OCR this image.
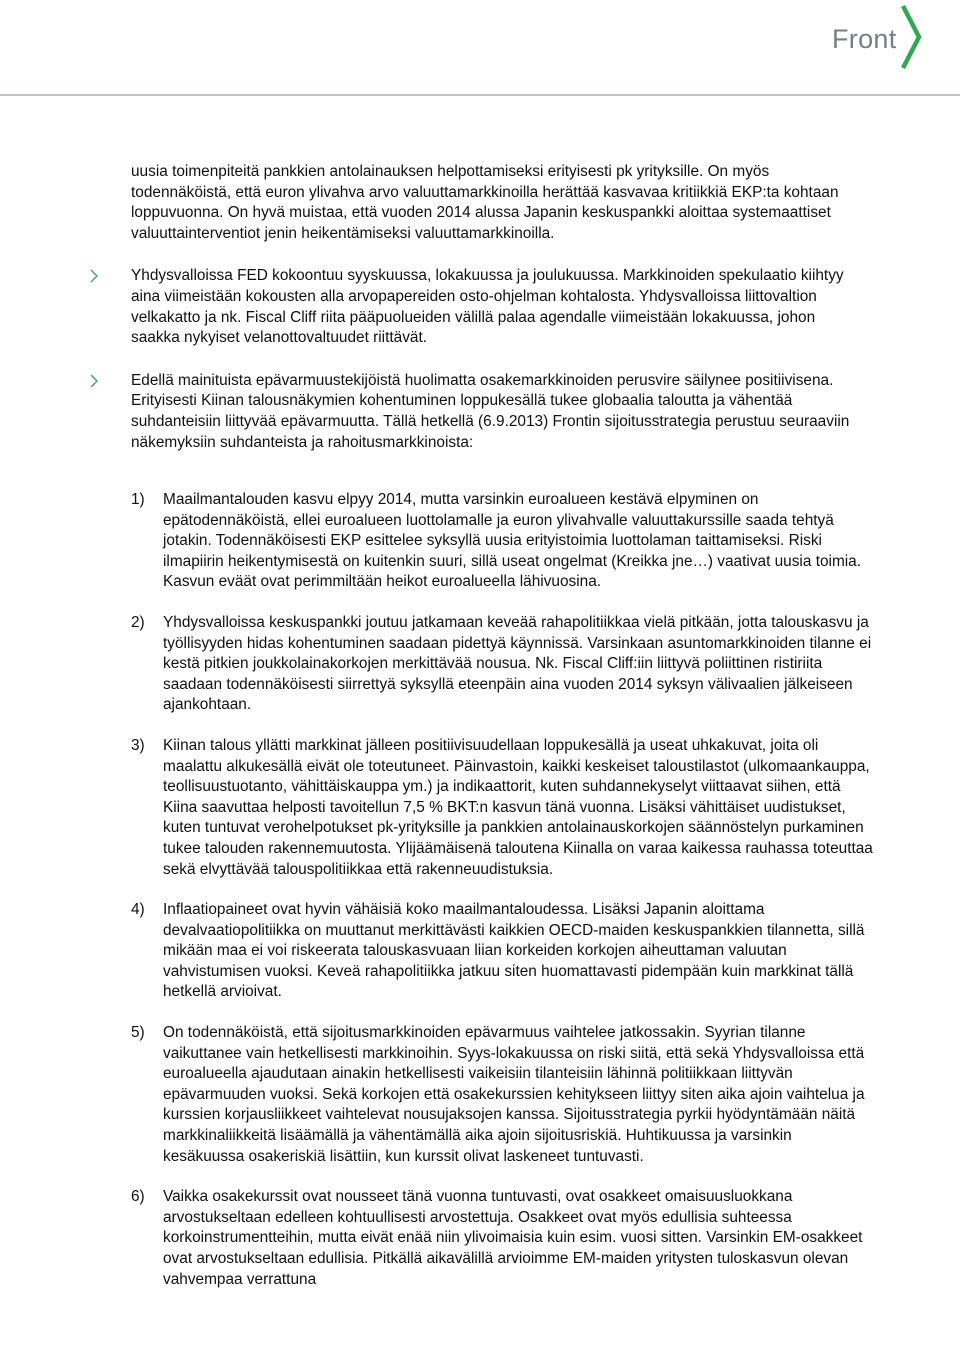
Front

uusia toimenpiteitä pankkien antolainauksen helpottamiseksi erityisesti pk yrityksille. On myös todennäköistä, että euron ylivahva arvo valuuttamarkkinoilla herättää kasvavaa kritiikkiä EKP:ta kohtaan loppuvuonna. On hyvä muistaa, että vuoden 2014 alussa Japanin keskuspankki aloittaa systemaattiset valuuttainterventiot jenin heikentämiseksi valuuttamarkkinoilla.

Yhdysvalloissa FED kokoontuu syyskuussa, lokakuussa ja joulukuussa. Markkinoiden spekulaatio kiihtyy aina viimeistään kokousten alla arvopapereiden osto-ohjelman kohtalosta. Yhdysvalloissa liittovaltion velkakatto ja nk. Fiscal Cliff riita pääpuolueiden välillä palaa agendalle viimeistään lokakuussa, johon saakka nykyiset velanottovaltuudet riittävät.

Edellä mainituista epävarmuustekijöistä huolimatta osakemarkkinoiden perusvire säilynee positiivisena. Erityisesti Kiinan talousnäkymien kohentuminen loppukesällä tukee globaalia taloutta ja vähentää suhdanteisiin liittyvää epävarmuutta. Tällä hetkellä (6.9.2013) Frontin sijoitusstrategia perustuu seuraaviin näkemyksiin suhdanteista ja rahoitusmarkkinoista:

1) Maailmantalouden kasvu elpyy 2014, mutta varsinkin euroalueen kestävä elpyminen on epätodennäköistä, ellei euroalueen luottolamalle ja euron ylivahvalle valuuttakurssille saada tehtyä jotakin. Todennäköisesti EKP esittelee syksyllä uusia erityistoimia luottolaman taittamiseksi. Riski ilmapiirin heikentymisestä on kuitenkin suuri, sillä useat ongelmat (Kreikka jne…) vaativat uusia toimia. Kasvun eväät ovat perimmiltään heikot euroalueella lähivuosina.
2) Yhdysvalloissa keskuspankki joutuu jatkamaan keveää rahapolitiikkaa vielä pitkään, jotta talouskasvu ja työllisyyden hidas kohentuminen saadaan pidettyä käynnissä. Varsinkaan asuntomarkkinoiden tilanne ei kestä pitkien joukkolainakorkojen merkittävää nousua. Nk. Fiscal Cliff:iin liittyvä poliittinen ristiriita saadaan todennäköisesti siirrettyä syksyllä eteenpäin aina vuoden 2014 syksyn välivaalien jälkeiseen ajankohtaan.
3) Kiinan talous yllätti markkinat jälleen positiivisuudellaan loppukesällä ja useat uhkakuvat, joita oli maalattu alkukesällä eivät ole toteutuneet. Päinvastoin, kaikki keskeiset taloustilastot (ulkomaankauppa, teollisuustuotanto, vähittäiskauppa ym.) ja indikaattorit, kuten suhdannekyselyt viittaavat siihen, että Kiina saavuttaa helposti tavoitellun 7,5 % BKT:n kasvun tänä vuonna. Lisäksi vähittäiset uudistukset, kuten tuntuvat verohelpotukset pk-yrityksille ja pankkien antolainauskorkojen säännöstelyn purkaminen tukee talouden rakennemuutosta. Ylijäämäisenä taloutena Kiinalla on varaa kaikessa rauhassa toteuttaa sekä elvyttävää talouspolitiikkaa että rakenneuudistuksia.
4) Inflaatiopaineet ovat hyvin vähäisiä koko maailmantaloudessa. Lisäksi Japanin aloittama devalvaatiopolitiikka on muuttanut merkittävästi kaikkien OECD-maiden keskuspankkien tilannetta, sillä mikään maa ei voi riskeerata talouskasvuaan liian korkeiden korkojen aiheuttaman valuutan vahvistumisen vuoksi. Keveä rahapolitiikka jatkuu siten huomattavasti pidempään kuin markkinat tällä hetkellä arvioivat.
5) On todennäköistä, että sijoitusmarkkinoiden epävarmuus vaihtelee jatkossakin. Syyrian tilanne vaikuttanee vain hetkellisesti markkinoihin. Syys-lokakuussa on riski siitä, että sekä Yhdysvalloissa että euroalueella ajaudutaan ainakin hetkellisesti vaikeisiin tilanteisiin lähinnä politiikkaan liittyvän epävarmuuden vuoksi. Sekä korkojen että osakekurssien kehitykseen liittyy siten aika ajoin vaihtelua ja kurssien korjausliikkeet vaihtelevat nousujaksojen kanssa. Sijoitusstrategia pyrkii hyödyntämään näitä markkinaliikkeitä lisäämällä ja vähentämällä aika ajoin sijoitusriskiä. Huhtikuussa ja varsinkin kesäkuussa osakeriskiä lisättiin, kun kurssit olivat laskeneet tuntuvasti.
6) Vaikka osakekurssit ovat nousseet tänä vuonna tuntuvasti, ovat osakkeet omaisuusluokkana arvostukseltaan edelleen kohtuullisesti arvostettuja. Osakkeet ovat myös edullisia suhteessa korkoinstrumentteihin, mutta eivät enää niin ylivoimaisia kuin esim. vuosi sitten. Varsinkin EM-osakkeet ovat arvostukseltaan edullisia. Pitkällä aikavälillä arvioimme EM-maiden yritysten tuloskasvun olevan vahvempaa verrattuna
